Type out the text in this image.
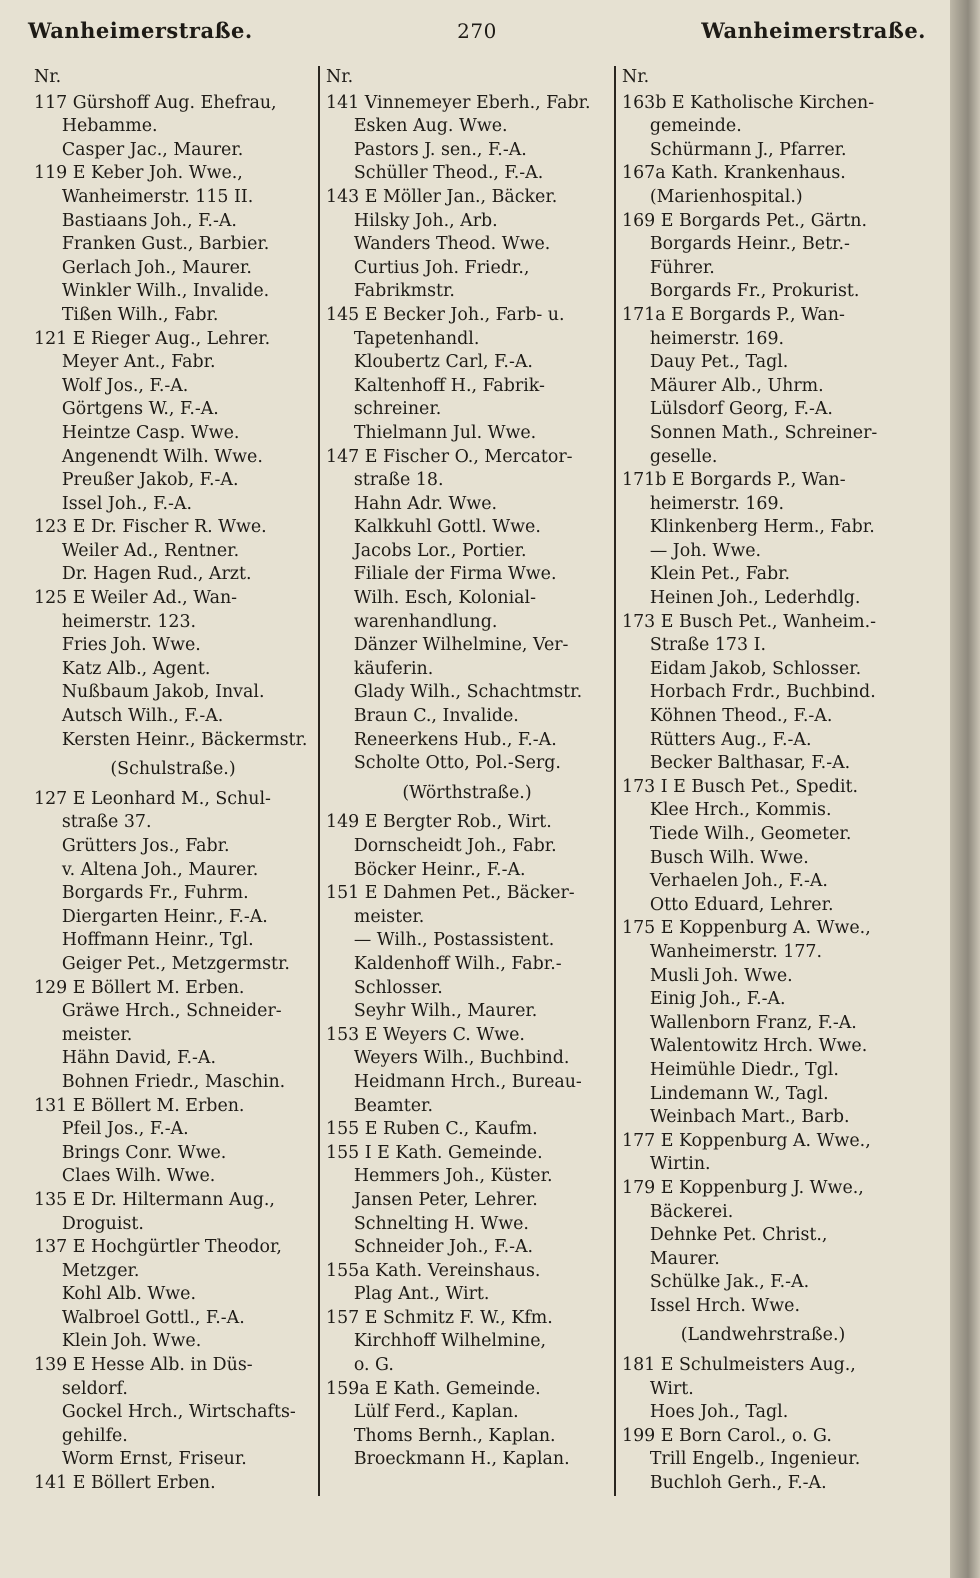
Wanheimerstraße.	270	Wanheimerstraße.
Nr.
117 Gürshoff Aug. Ehefrau,
Hebamme.
Casper Jac., Maurer.
119 E Keber Joh. Wwe.,
Wanheimerstr. 115 II.
Bastiaans Joh., F.-A.
Franken Gust., Barbier.
Gerlach Joh., Maurer.
Winkler Wilh., Invalide.
Tißen Wilh., Fabr.
121 E Rieger Aug., Lehrer.
Meyer Ant., Fabr.
Wolf Jos., F.-A.
Görtgens W., F.-A.
Heintze Casp. Wwe.
Angenendt Wilh. Wwe.
Preußer Jakob, F.-A.
Issel Joh., F.-A.
123 E Dr. Fischer R. Wwe.
Weiler Ad., Rentner.
Dr. Hagen Rud., Arzt.
125 E Weiler Ad., Wan-
heimerstr. 123.
Fries Joh. Wwe.
Katz Alb., Agent.
Nußbaum Jakob, Inval.
Autsch Wilh., F.-A.
Kersten Heinr., Bäckermstr.
(Schulstraße.)
127 E Leonhard M., Schul-
straße 37.
Grütters Jos., Fabr.
v. Altena Joh., Maurer.
Borgards Fr., Fuhrm.
Diergarten Heinr., F.-A.
Hoffmann Heinr., Tgl.
Geiger Pet., Metzgermstr.
129 E Böllert M. Erben.
Gräwe Hrch., Schneider-
meister.
Hähn David, F.-A.
Bohnen Friedr., Maschin.
131 E Böllert M. Erben.
Pfeil Jos., F.-A.
Brings Conr. Wwe.
Claes Wilh. Wwe.
135 E Dr. Hiltermann Aug.,
Droguist.
137 E Hochgürtler Theodor,
Metzger.
Kohl Alb. Wwe.
Walbroel Gottl., F.-A.
Klein Joh. Wwe.
139 E Hesse Alb. in Düs-
seldorf.
Gockel Hrch., Wirtschafts-
gehilfe.
Worm Ernst, Friseur.
141 E Böllert Erben.
Nr.
141 Vinnemeyer Eberh., Fabr.
Esken Aug. Wwe.
Pastors J. sen., F.-A.
Schüller Theod., F.-A.
143 E Möller Jan., Bäcker.
Hilsky Joh., Arb.
Wanders Theod. Wwe.
Curtius Joh. Friedr.,
Fabrikmstr.
145 E Becker Joh., Farb- u.
Tapetenhandl.
Kloubertz Carl, F.-A.
Kaltenhoff H., Fabrik-
schreiner.
Thielmann Jul. Wwe.
147 E Fischer O., Mercator-
straße 18.
Hahn Adr. Wwe.
Kalkkuhl Gottl. Wwe.
Jacobs Lor., Portier.
Filiale der Firma Wwe.
Wilh. Esch, Kolonial-
warenhandlung.
Dänzer Wilhelmine, Ver-
käuferin.
Glady Wilh., Schachtmstr.
Braun C., Invalide.
Reneerkens Hub., F.-A.
Scholte Otto, Pol.-Serg.
(Wörthstraße.)
149 E Bergter Rob., Wirt.
Dornscheidt Joh., Fabr.
Böcker Heinr., F.-A.
151 E Dahmen Pet., Bäcker-
meister.
— Wilh., Postassistent.
Kaldenhoff Wilh., Fabr.-
Schlosser.
Seyhr Wilh., Maurer.
153 E Weyers C. Wwe.
Weyers Wilh., Buchbind.
Heidmann Hrch., Bureau-
Beamter.
155 E Ruben C., Kaufm.
155 I E Kath. Gemeinde.
Hemmers Joh., Küster.
Jansen Peter, Lehrer.
Schnelting H. Wwe.
Schneider Joh., F.-A.
155a Kath. Vereinshaus.
Plag Ant., Wirt.
157 E Schmitz F. W., Kfm.
Kirchhoff Wilhelmine,
o. G.
159a E Kath. Gemeinde.
Lülf Ferd., Kaplan.
Thoms Bernh., Kaplan.
Broeckmann H., Kaplan.
Nr.
163b E Katholische Kirchen-
gemeinde.
Schürmann J., Pfarrer.
167a Kath. Krankenhaus.
(Marienhospital.)
169 E Borgards Pet., Gärtn.
Borgards Heinr., Betr.-
Führer.
Borgards Fr., Prokurist.
171a E Borgards P., Wan-
heimerstr. 169.
Dauy Pet., Tagl.
Mäurer Alb., Uhrm.
Lülsdorf Georg, F.-A.
Sonnen Math., Schreiner-
geselle.
171b E Borgards P., Wan-
heimerstr. 169.
Klinkenberg Herm., Fabr.
— Joh. Wwe.
Klein Pet., Fabr.
Heinen Joh., Lederhdlg.
173 E Busch Pet., Wanheim.-
Straße 173 I.
Eidam Jakob, Schlosser.
Horbach Frdr., Buchbind.
Köhnen Theod., F.-A.
Rütters Aug., F.-A.
Becker Balthasar, F.-A.
173 I E Busch Pet., Spedit.
Klee Hrch., Kommis.
Tiede Wilh., Geometer.
Busch Wilh. Wwe.
Verhaelen Joh., F.-A.
Otto Eduard, Lehrer.
175 E Koppenburg A. Wwe.,
Wanheimerstr. 177.
Musli Joh. Wwe.
Einig Joh., F.-A.
Wallenborn Franz, F.-A.
Walentowitz Hrch. Wwe.
Heimühle Diedr., Tgl.
Lindemann W., Tagl.
Weinbach Mart., Barb.
177 E Koppenburg A. Wwe.,
Wirtin.
179 E Koppenburg J. Wwe.,
Bäckerei.
Dehnke Pet. Christ.,
Maurer.
Schülke Jak., F.-A.
Issel Hrch. Wwe.
(Landwehrstraße.)
181 E Schulmeisters Aug.,
Wirt.
Hoes Joh., Tagl.
199 E Born Carol., o. G.
Trill Engelb., Ingenieur.
Buchloh Gerh., F.-A.
